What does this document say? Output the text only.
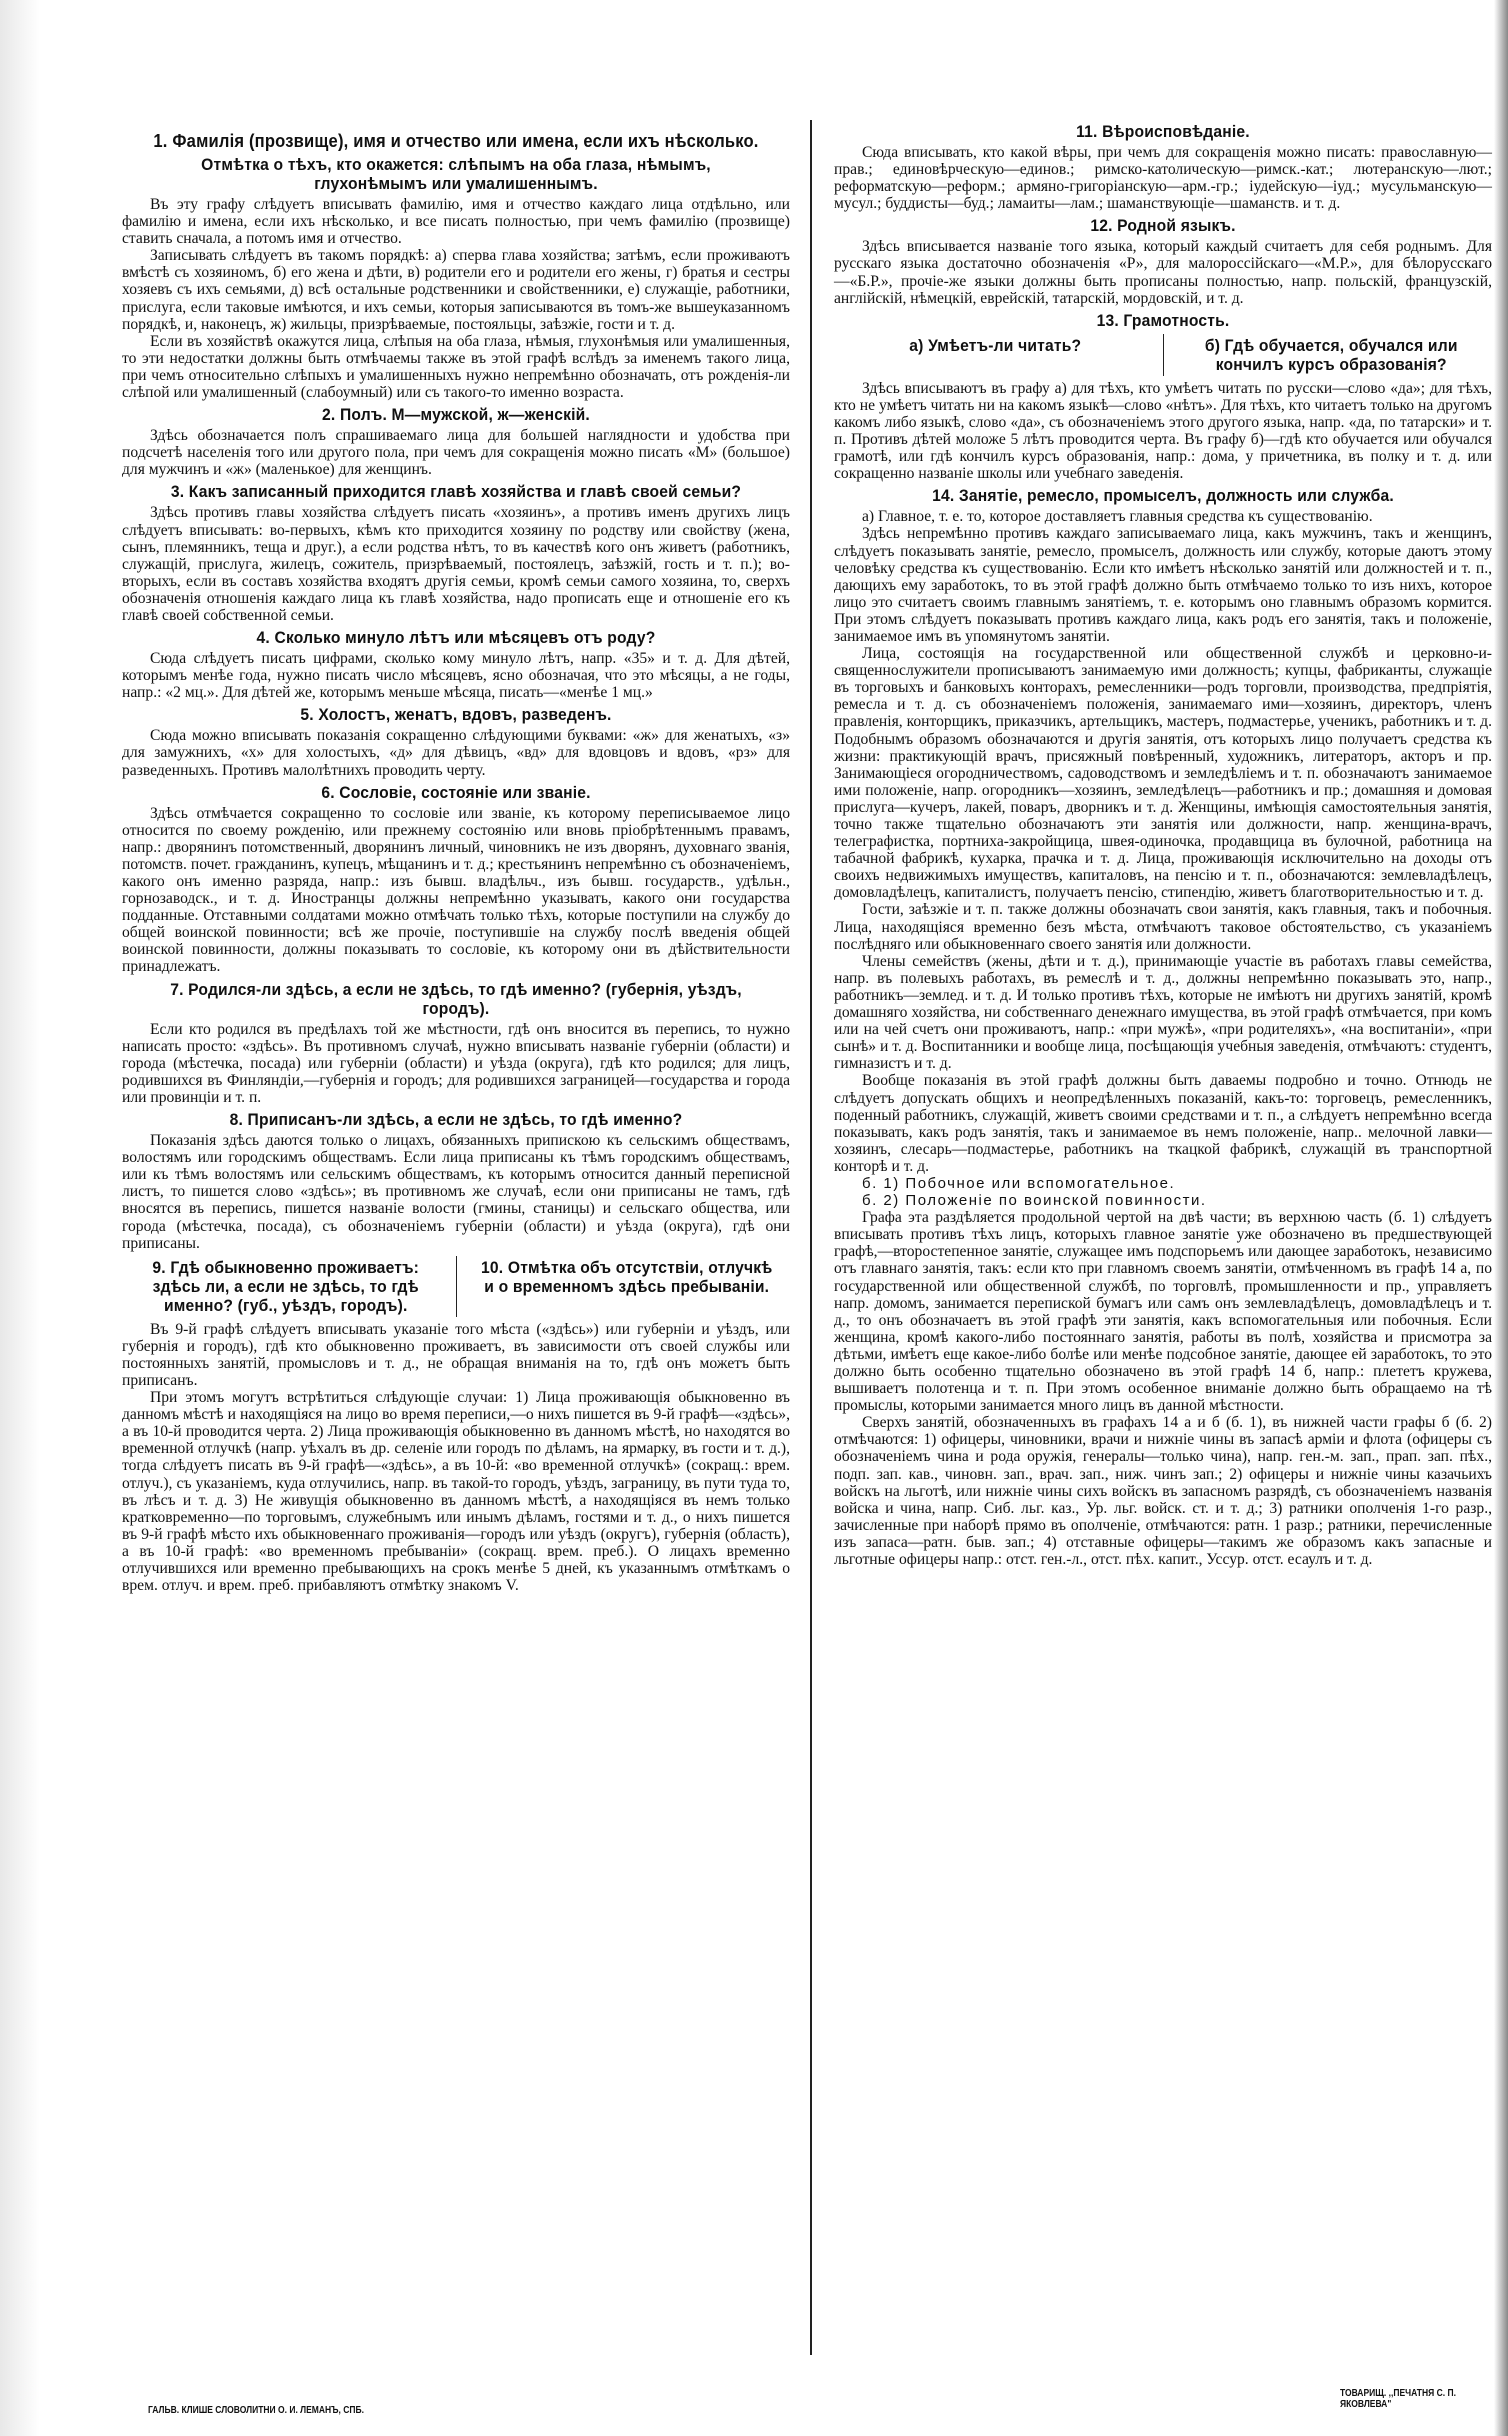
1. Фамилія (прозвище), имя и отчество или имена, если ихъ нѣсколько.
Отмѣтка о тѣхъ, кто окажется: слѣпымъ на оба глаза, нѣмымъ, глухонѣмымъ или умалишеннымъ.

Въ эту графу слѣдуетъ вписывать фамилію, имя и отчество каждаго лица отдѣльно, или фамилію и имена, если ихъ нѣсколько, и все писать полностью, при чемъ фамилію (прозвище) ставить сначала, а потомъ имя и отчество.

Записывать слѣдуетъ въ такомъ порядкѣ: а) сперва глава хозяйства; затѣмъ, если проживаютъ вмѣстѣ съ хозяиномъ, б) его жена и дѣти, в) родители его и родители его жены, г) братья и сестры хозяевъ съ ихъ семьями, д) всѣ остальные родственники и свойственники, е) служащіе, работники, прислуга, если таковые имѣются, и ихъ семьи, которыя записываются въ томъ-же вышеуказанномъ порядкѣ, и, наконецъ, ж) жильцы, призрѣваемые, постояльцы, заѣзжіе, гости и т. д.

Если въ хозяйствѣ окажутся лица, слѣпыя на оба глаза, нѣмыя, глухонѣмыя или умалишенныя, то эти недостатки должны быть отмѣчаемы также въ этой графѣ вслѣдъ за именемъ такого лица, при чемъ относительно слѣпыхъ и умалишенныхъ нужно непремѣнно обозначать, отъ рожденія-ли слѣпой или умалишенный (слабоумный) или съ такого-то именно возраста.

2. Полъ. М—мужской, ж—женскій.

Здѣсь обозначается полъ спрашиваемаго лица для большей наглядности и удобства при подсчетѣ населенія того или другого пола, при чемъ для сокращенія можно писать «М» (большое) для мужчинъ и «ж» (маленькое) для женщинъ.

3. Какъ записанный приходится главѣ хозяйства и главѣ своей семьи?

Здѣсь противъ главы хозяйства слѣдуетъ писать «хозяинъ», а противъ именъ другихъ лицъ слѣдуетъ вписывать: во-первыхъ, кѣмъ кто приходится хозяину по родству или свойству (жена, сынъ, племянникъ, теща и друг.), а если родства нѣтъ, то въ качествѣ кого онъ живетъ (работникъ, служащій, прислуга, жилецъ, сожитель, призрѣваемый, постоялецъ, заѣзжій, гость и т. п.); во-вторыхъ, если въ составъ хозяйства входятъ другія семьи, кромѣ семьи самого хозяина, то, сверхъ обозначенія отношенія каждаго лица къ главѣ хозяйства, надо прописать еще и отношеніе его къ главѣ своей собственной семьи.

4. Сколько минуло лѣтъ или мѣсяцевъ отъ роду?

Сюда слѣдуетъ писать цифрами, сколько кому минуло лѣтъ, напр. «35» и т. д. Для дѣтей, которымъ менѣе года, нужно писать число мѣсяцевъ, ясно обозначая, что это мѣсяцы, а не годы, напр.: «2 мц.». Для дѣтей же, которымъ меньше мѣсяца, писать—«менѣе 1 мц.»

5. Холостъ, женатъ, вдовъ, разведенъ.

Сюда можно вписывать показанія сокращенно слѣдующими буквами: «ж» для женатыхъ, «з» для замужнихъ, «х» для холостыхъ, «д» для дѣвицъ, «вд» для вдовцовъ и вдовъ, «рз» для разведенныхъ. Противъ малолѣтнихъ проводить черту.

6. Сословіе, состояніе или званіе.

Здѣсь отмѣчается сокращенно то сословіе или званіе, къ которому переписываемое лицо относится по своему рожденію, или прежнему состоянію или вновь пріобрѣтеннымъ правамъ, напр.: дворянинъ потомственный, дворянинъ личный, чиновникъ не изъ дворянъ, духовнаго званія, потомств. почет. гражданинъ, купецъ, мѣщанинъ и т. д.; крестьянинъ непремѣнно съ обозначеніемъ, какого онъ именно разряда, напр.: изъ бывш. владѣльч., изъ бывш. государств., удѣльн., горнозаводск., и т. д. Иностранцы должны непремѣнно указывать, какого они государства подданные. Отставными солдатами можно отмѣчать только тѣхъ, которые поступили на службу до общей воинской повинности; всѣ же прочіе, поступившіе на службу послѣ введенія общей воинской повинности, должны показывать то сословіе, къ которому они въ дѣйствительности принадлежатъ.

7. Родился-ли здѣсь, а если не здѣсь, то гдѣ именно? (губернія, уѣздъ, городъ).

Если кто родился въ предѣлахъ той же мѣстности, гдѣ онъ вносится въ перепись, то нужно написать просто: «здѣсь». Въ противномъ случаѣ, нужно вписывать названіе губерніи (области) и города (мѣстечка, посада) или губерніи (области) и уѣзда (округа), гдѣ кто родился; для лицъ, родившихся въ Финляндіи,—губернія и городъ; для родившихся заграницей—государства и города или провинціи и т. п.

8. Приписанъ-ли здѣсь, а если не здѣсь, то гдѣ именно?

Показанія здѣсь даются только о лицахъ, обязанныхъ припискою къ сельскимъ обществамъ, волостямъ или городскимъ обществамъ. Если лица приписаны къ тѣмъ городскимъ обществамъ, или къ тѣмъ волостямъ или сельскимъ обществамъ, къ которымъ относится данный переписной листъ, то пишется слово «здѣсь»; въ противномъ же случаѣ, если они приписаны не тамъ, гдѣ вносятся въ перепись, пишется названіе волости (гмины, станицы) и сельскаго общества, или города (мѣстечка, посада), съ обозначеніемъ губерніи (области) и уѣзда (округа), гдѣ они приписаны.

9. Гдѣ обыкновенно проживаетъ: здѣсь ли, а если не здѣсь, то гдѣ именно? (губ., уѣздъ, городъ).
10. Отмѣтка объ отсутствіи, отлучкѣ и о временномъ здѣсь пребываніи.

Въ 9-й графѣ слѣдуетъ вписывать указаніе того мѣста («здѣсь») или губерніи и уѣздъ, или губернія и городъ), гдѣ кто обыкновенно проживаетъ, въ зависимости отъ своей службы или постоянныхъ занятій, промысловъ и т. д., не обращая вниманія на то, гдѣ онъ можетъ быть приписанъ.

При этомъ могутъ встрѣтиться слѣдующіе случаи: 1) Лица проживающія обыкновенно въ данномъ мѣстѣ и находящіяся на лицо во время переписи,—о нихъ пишется въ 9-й графѣ—«здѣсь», а въ 10-й проводится черта. 2) Лица проживающія обыкновенно въ данномъ мѣстѣ, но находятся во временной отлучкѣ (напр. уѣхалъ въ др. селеніе или городъ по дѣламъ, на ярмарку, въ гости и т. д.), тогда слѣдуетъ писать въ 9-й графѣ—«здѣсь», а въ 10-й: «во временной отлучкѣ» (сокращ.: врем. отлуч.), съ указаніемъ, куда отлучились, напр. въ такой-то городъ, уѣздъ, заграницу, въ пути туда то, въ лѣсъ и т. д. 3) Не живущія обыкновенно въ данномъ мѣстѣ, а находящіяся въ немъ только кратковременно—по торговымъ, служебнымъ или инымъ дѣламъ, гостями и т. д., о нихъ пишется въ 9-й графѣ мѣсто ихъ обыкновеннаго проживанія—городъ или уѣздъ (округъ), губернія (область), а въ 10-й графѣ: «во временномъ пребываніи» (сокращ. врем. преб.). О лицахъ временно отлучившихся или временно пребывающихъ на срокъ менѣе 5 дней, къ указаннымъ отмѣткамъ о врем. отлуч. и врем. преб. прибавляютъ отмѣтку знакомъ V.

11. Вѣроисповѣданіе.

Сюда вписывать, кто какой вѣры, при чемъ для сокращенія можно писать: православную—прав.; единовѣрческую—единов.; римско-католическую—римск.-кат.; лютеранскую—лют.; реформатскую—реформ.; армяно-григоріанскую—арм.-гр.; іудейскую—іуд.; мусульманскую—мусул.; буддисты—буд.; ламаиты—лам.; шаманствующіе—шаманств. и т. д.

12. Родной языкъ.

Здѣсь вписывается названіе того языка, который каждый считаетъ для себя роднымъ. Для русскаго языка достаточно обозначенія «Р», для малороссійскаго—«М.Р.», для бѣлорусскаго—«Б.Р.», прочіе-же языки должны быть прописаны полностью, напр. польскій, французскій, англійскій, нѣмецкій, еврейскій, татарскій, мордовскій, и т. д.

13. Грамотность.
а) Умѣетъ-ли читать?	б) Гдѣ обучается, обучался или кончилъ курсъ образованія?

Здѣсь вписываютъ въ графу а) для тѣхъ, кто умѣетъ читать по русски—слово «да»; для тѣхъ, кто не умѣетъ читать ни на какомъ языкѣ—слово «нѣтъ». Для тѣхъ, кто читаетъ только на другомъ какомъ либо языкѣ, слово «да», съ обозначеніемъ этого другого языка, напр. «да, по татарски» и т. п. Противъ дѣтей моложе 5 лѣтъ проводится черта. Въ графу б)—гдѣ кто обучается или обучался грамотѣ, или гдѣ кончилъ курсъ образованія, напр.: дома, у причетника, въ полку и т. д. или сокращенно названіе школы или учебнаго заведенія.

14. Занятіе, ремесло, промыселъ, должность или служба.

а) Главное, т. е. то, которое доставляетъ главныя средства къ существованію.

Здѣсь непремѣнно противъ каждаго записываемаго лица, какъ мужчинъ, такъ и женщинъ, слѣдуетъ показывать занятіе, ремесло, промыселъ, должность или службу, которые даютъ этому человѣку средства къ существованію. Если кто имѣетъ нѣсколько занятій или должностей и т. п., дающихъ ему заработокъ, то въ этой графѣ должно быть отмѣчаемо только то изъ нихъ, которое лицо это считаетъ своимъ главнымъ занятіемъ, т. е. которымъ оно главнымъ образомъ кормится. При этомъ слѣдуетъ показывать противъ каждаго лица, какъ родъ его занятія, такъ и положеніе, занимаемое имъ въ упомянутомъ занятіи.

Лица, состоящія на государственной или общественной службѣ и церковно-и-священнослужители прописываютъ занимаемую ими должность; купцы, фабриканты, служащіе въ торговыхъ и банковыхъ конторахъ, ремесленники—родъ торговли, производства, предпріятія, ремесла и т. д. съ обозначеніемъ положенія, занимаемаго ими—хозяинъ, директоръ, членъ правленія, конторщикъ, приказчикъ, артельщикъ, мастеръ, подмастерье, ученикъ, работникъ и т. д. Подобнымъ образомъ обозначаются и другія занятія, отъ которыхъ лицо получаетъ средства къ жизни: практикующій врачъ, присяжный повѣренный, художникъ, литераторъ, акторъ и пр. Занимающіеся огородничествомъ, садоводствомъ и земледѣліемъ и т. п. обозначаютъ занимаемое ими положеніе, напр. огородникъ—хозяинъ, земледѣлецъ—работникъ и пр.; домашняя и домовая прислуга—кучеръ, лакей, поваръ, дворникъ и т. д. Женщины, имѣющія самостоятельныя занятія, точно также тщательно обозначаютъ эти занятія или должности, напр. женщина-врачъ, телеграфистка, портниха-закройщица, швея-одиночка, продавщица въ булочной, работница на табачной фабрикѣ, кухарка, прачка и т. д. Лица, проживающія исключительно на доходы отъ своихъ недвижимыхъ имуществъ, капиталовъ, на пенсію и т. п., обозначаются: землевладѣлецъ, домовладѣлецъ, капиталистъ, получаетъ пенсію, стипендію, живетъ благотворительностью и т. д.

Гости, заѣзжіе и т. п. также должны обозначать свои занятія, какъ главныя, такъ и побочныя. Лица, находящіяся временно безъ мѣста, отмѣчаютъ таковое обстоятельство, съ указаніемъ послѣдняго или обыкновеннаго своего занятія или должности.

Члены семействъ (жены, дѣти и т. д.), принимающіе участіе въ работахъ главы семейства, напр. въ полевыхъ работахъ, въ ремеслѣ и т. д., должны непремѣнно показывать это, напр., работникъ—землед. и т. д. И только противъ тѣхъ, которые не имѣютъ ни другихъ занятій, кромѣ домашняго хозяйства, ни собственнаго денежнаго имущества, въ этой графѣ отмѣчается, при комъ или на чей счетъ они проживаютъ, напр.: «при мужѣ», «при родителяхъ», «на воспитаніи», «при сынѣ» и т. д. Воспитанники и вообще лица, посѣщающія учебныя заведенія, отмѣчаютъ: студентъ, гимназистъ и т. д.

Вообще показанія въ этой графѣ должны быть даваемы подробно и точно. Отнюдь не слѣдуетъ допускать общихъ и неопредѣленныхъ показаній, какъ-то: торговецъ, ремесленникъ, поденный работникъ, служащій, живетъ своими средствами и т. п., а слѣдуетъ непремѣнно всегда показывать, какъ родъ занятія, такъ и занимаемое въ немъ положеніе, напр.. мелочной лавки—хозяинъ, слесарь—подмастерье, работникъ на ткацкой фабрикѣ, служащій въ транспортной конторѣ и т. д.

б. 1) Побочное или вспомогательное.

б. 2) Положеніе по воинской повинности.

Графа эта раздѣляется продольной чертой на двѣ части; въ верхнюю часть (б. 1) слѣдуетъ вписывать противъ тѣхъ лицъ, которыхъ главное занятіе уже обозначено въ предшествующей графѣ,—второстепенное занятіе, служащее имъ подспорьемъ или дающее заработокъ, независимо отъ главнаго занятія, такъ: если кто при главномъ своемъ занятіи, отмѣченномъ въ графѣ 14 а, по государственной или общественной службѣ, по торговлѣ, промышленности и пр., управляетъ напр. домомъ, занимается перепиской бумагъ или самъ онъ землевладѣлецъ, домовладѣлецъ и т. д., то онъ обозначаетъ въ этой графѣ эти занятія, какъ вспомогательныя или побочныя. Если женщина, кромѣ какого-либо постояннаго занятія, работы въ полѣ, хозяйства и присмотра за дѣтьми, имѣетъ еще какое-либо болѣе или менѣе подсобное занятіе, дающее ей заработокъ, то это должно быть особенно тщательно обозначено въ этой графѣ 14 б, напр.: плететъ кружева, вышиваетъ полотенца и т. п. При этомъ особенное вниманіе должно быть обращаемо на тѣ промыслы, которыми занимается много лицъ въ данной мѣстности.

Сверхъ занятій, обозначенныхъ въ графахъ 14 а и б (б. 1), въ нижней части графы б (б. 2) отмѣчаются: 1) офицеры, чиновники, врачи и нижніе чины въ запасѣ арміи и флота (офицеры съ обозначеніемъ чина и рода оружія, генералы—только чина), напр. ген.-м. зап., прап. зап. пѣх., подп. зап. кав., чиновн. зап., врач. зап., ниж. чинъ зап.; 2) офицеры и нижніе чины казачьихъ войскъ на льготѣ, или нижніе чины сихъ войскъ въ запасномъ разрядѣ, съ обозначеніемъ названія войска и чина, напр. Сиб. льг. каз., Ур. льг. войск. ст. и т. д.; 3) ратники ополченія 1-го разр., зачисленные при наборѣ прямо въ ополченіе, отмѣчаются: ратн. 1 разр.; ратники, перечисленные изъ запаса—ратн. быв. зап.; 4) отставные офицеры—такимъ же образомъ какъ запасные и льготные офицеры напр.: отст. ген.-л., отст. пѣх. капит., Уссур. отст. есаулъ и т. д.

ГАЛЬВ. КЛИШЕ СЛОВОЛИТНИ О. И. ЛЕМАНЪ, СПБ.
ТОВАРИЩ. ,,ПЕЧАТНЯ С. П. ЯКОВЛЕВА"
